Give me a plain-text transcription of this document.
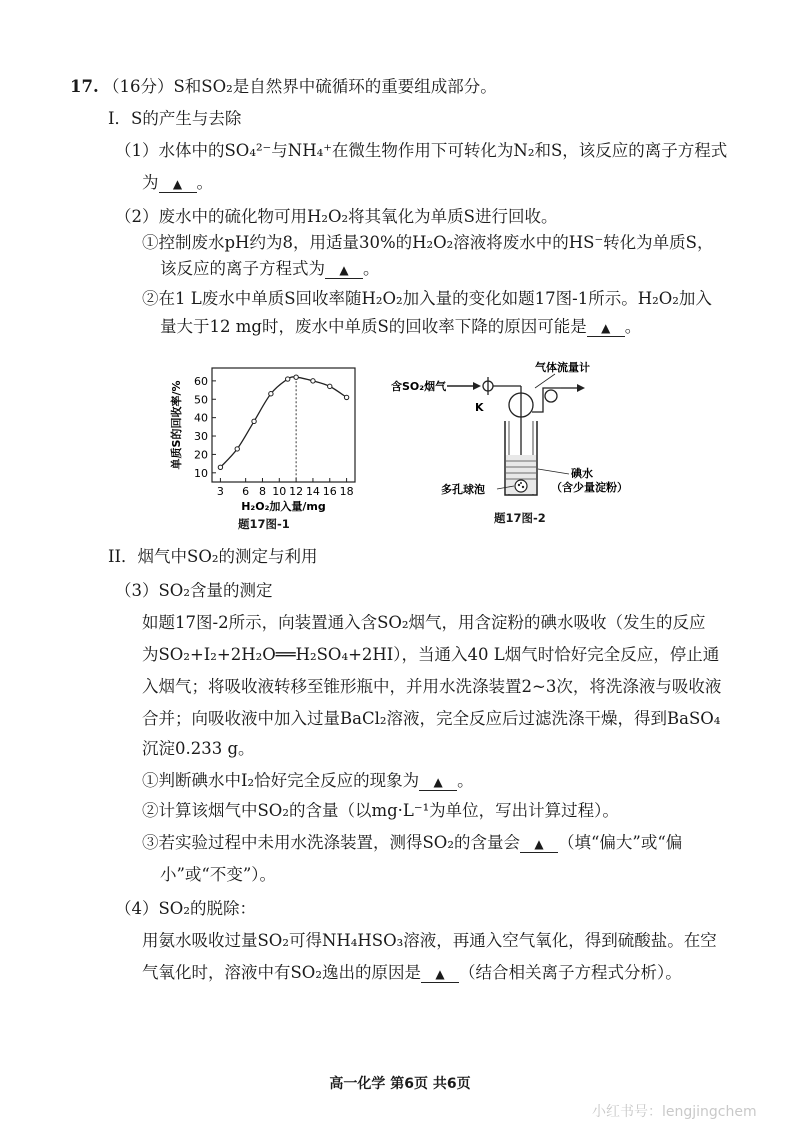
17. （16分）S和SO₂是自然界中硫循环的重要组成部分。
I．S的产生与去除
（1）水体中的SO₄²⁻与NH₄⁺在微生物作用下可转化为N₂和S，该反应的离子方程式
为 ▲ 。
（2）废水中的硫化物可用H₂O₂将其氧化为单质S进行回收。
①控制废水pH约为8，用适量30%的H₂O₂溶液将废水中的HS⁻转化为单质S，
该反应的离子方程式为 ▲ 。
②在1 L废水中单质S回收率随H₂O₂加入量的变化如题17图-1所示。H₂O₂加入
量大于12 mg时，废水中单质S的回收率下降的原因可能是 ▲ 。
10
20
30
40
50
60
3 6 8 10 12 14 16 18
H₂O₂加入量/mg
单质S的回收率/%
题17图-1
含SO₂烟气
K
气体流量计
碘水
（含少量淀粉）
多孔球泡
题17图-2
II．烟气中SO₂的测定与利用
（3）SO₂含量的测定
如题17图-2所示，向装置通入含SO₂烟气，用含淀粉的碘水吸收（发生的反应
为SO₂+I₂+2H₂O══H₂SO₄+2HI），当通入40 L烟气时恰好完全反应，停止通
入烟气；将吸收液转移至锥形瓶中，并用水洗涤装置2~3次，将洗涤液与吸收液
合并；向吸收液中加入过量BaCl₂溶液，完全反应后过滤洗涤干燥，得到BaSO₄
沉淀0.233 g。
①判断碘水中I₂恰好完全反应的现象为 ▲ 。
②计算该烟气中SO₂的含量（以mg·L⁻¹为单位，写出计算过程）。
③若实验过程中未用水洗涤装置，测得SO₂的含量会 ▲ （填“偏大”或“偏
小”或“不变”）。
（4）SO₂的脱除：
用氨水吸收过量SO₂可得NH₄HSO₃溶液，再通入空气氧化，得到硫酸盐。在空
气氧化时，溶液中有SO₂逸出的原因是 ▲ （结合相关离子方程式分析）。
高一化学 第6页 共6页
小红书号：lengjingchem
